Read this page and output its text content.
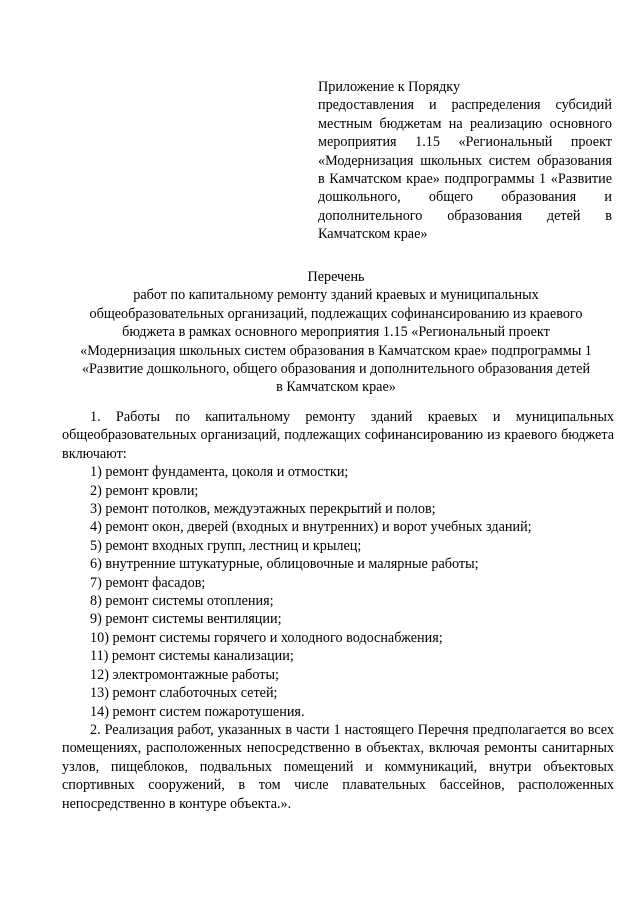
Приложение к Порядку
предоставления и распределения субсидий местным бюджетам на реализацию основного мероприятия 1.15 «Региональный проект «Модернизация школьных систем образования в Камчатском крае» подпрограммы 1 «Развитие дошкольного, общего образования и дополнительного образования детей в Камчатском крае»
Перечень
работ по капитальному ремонту зданий краевых и муниципальных
общеобразовательных организаций, подлежащих софинансированию из краевого
бюджета в рамках основного мероприятия 1.15 «Региональный проект
«Модернизация школьных систем образования в Камчатском крае» подпрограммы 1
«Развитие дошкольного, общего образования и дополнительного образования детей
в Камчатском крае»

1. Работы по капитальному ремонту зданий краевых и муниципальных общеобразовательных организаций, подлежащих софинансированию из краевого бюджета включают:

1) ремонт фундамента, цоколя и отмостки;
2) ремонт кровли;
3) ремонт потолков, междуэтажных перекрытий и полов;
4) ремонт окон, дверей (входных и внутренних) и ворот учебных зданий;
5) ремонт входных групп, лестниц и крылец;
6) внутренние штукатурные, облицовочные и малярные работы;
7) ремонт фасадов;
8) ремонт системы отопления;
9) ремонт системы вентиляции;
10) ремонт системы горячего и холодного водоснабжения;
11) ремонт системы канализации;
12) электромонтажные работы;
13) ремонт слаботочных сетей;
14) ремонт систем пожаротушения.

2. Реализация работ, указанных в части 1 настоящего Перечня предполагается во всех помещениях, расположенных непосредственно в объектах, включая ремонты санитарных узлов, пищеблоков, подвальных помещений и коммуникаций, внутри объектовых спортивных сооружений, в том числе плавательных бассейнов, расположенных непосредственно в контуре объекта.».
